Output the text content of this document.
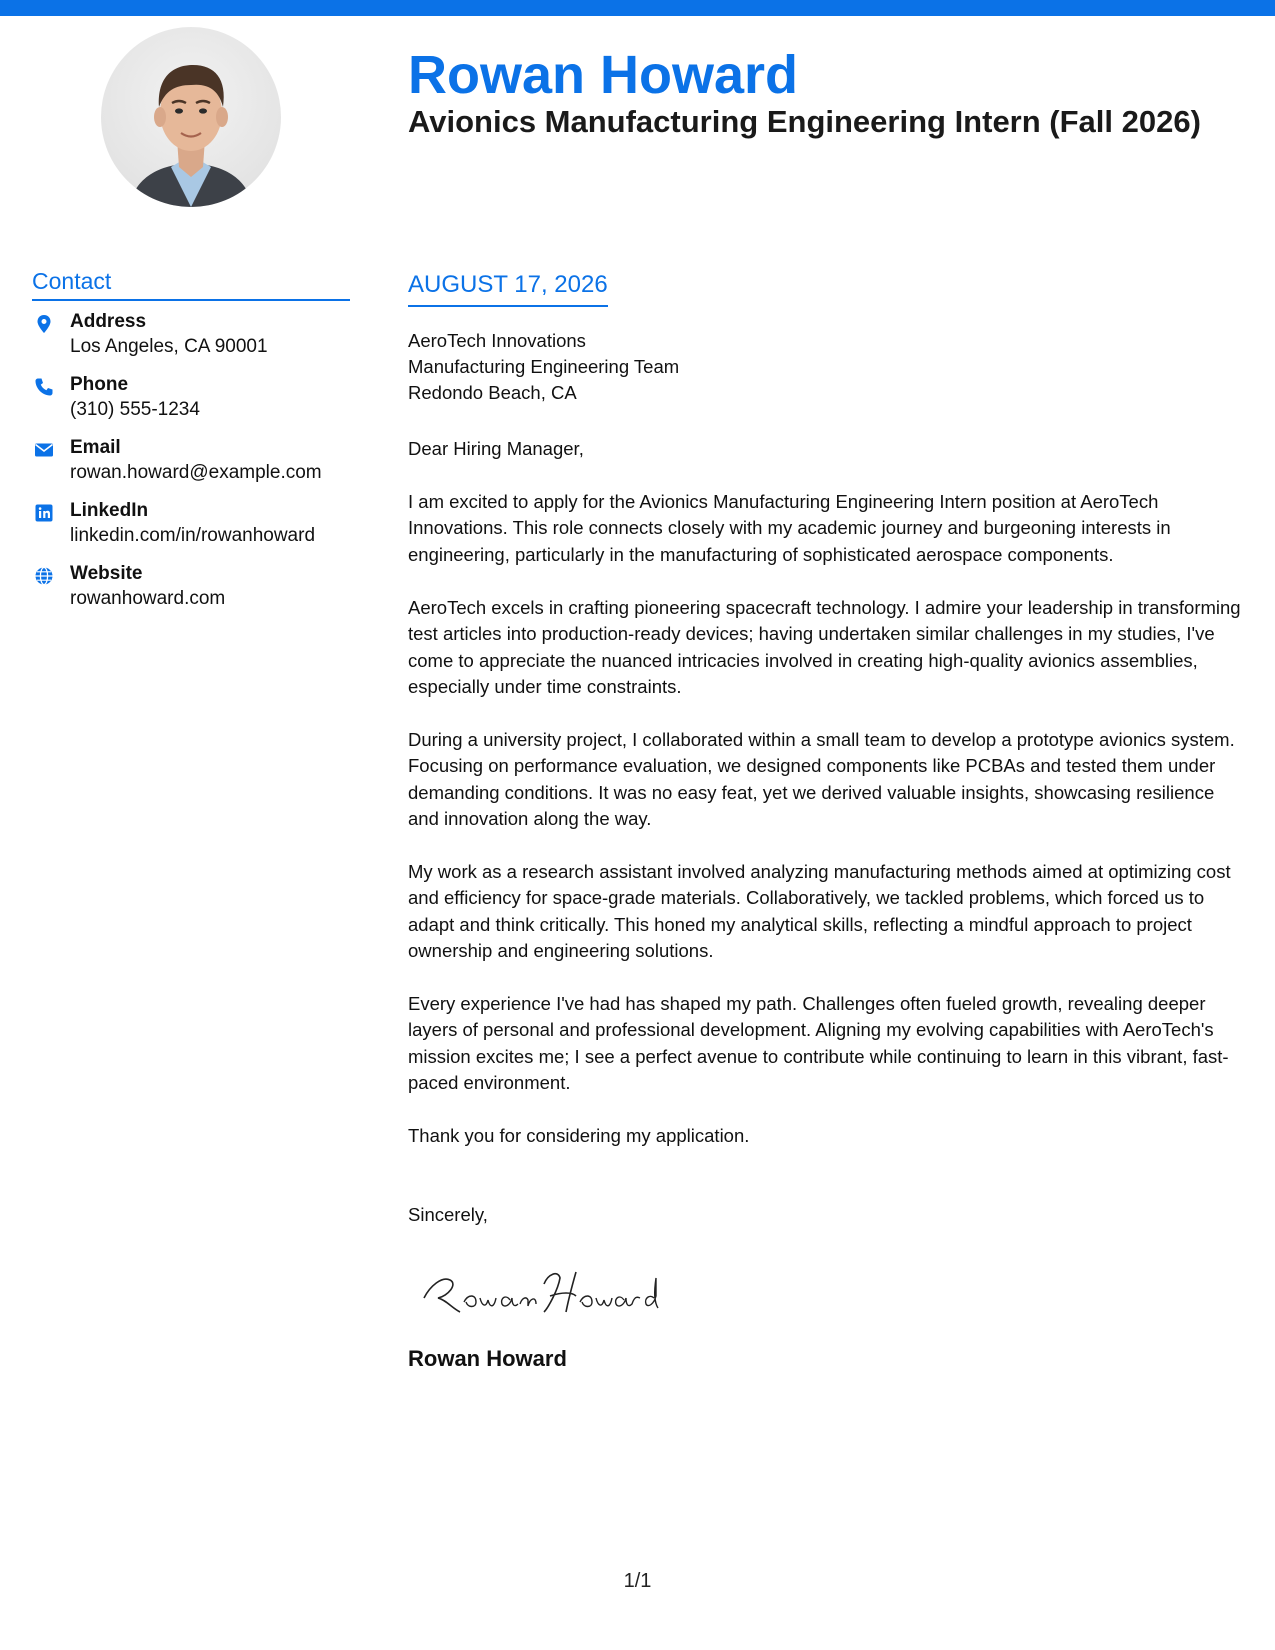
Rowan Howard
Avionics Manufacturing Engineering Intern (Fall 2026)
Contact
Address
Los Angeles, CA 90001
Phone
(310) 555-1234
Email
rowan.howard@example.com
LinkedIn
linkedin.com/in/rowanhoward
Website
rowanhoward.com
AUGUST 17, 2026
AeroTech Innovations
Manufacturing Engineering Team
Redondo Beach, CA

Dear Hiring Manager,

I am excited to apply for the Avionics Manufacturing Engineering Intern position at AeroTech Innovations. This role connects closely with my academic journey and burgeoning interests in engineering, particularly in the manufacturing of sophisticated aerospace components.

AeroTech excels in crafting pioneering spacecraft technology. I admire your leadership in transforming test articles into production-ready devices; having undertaken similar challenges in my studies, I've come to appreciate the nuanced intricacies involved in creating high-quality avionics assemblies, especially under time constraints.

During a university project, I collaborated within a small team to develop a prototype avionics system. Focusing on performance evaluation, we designed components like PCBAs and tested them under demanding conditions. It was no easy feat, yet we derived valuable insights, showcasing resilience and innovation along the way.

My work as a research assistant involved analyzing manufacturing methods aimed at optimizing cost and efficiency for space-grade materials. Collaboratively, we tackled problems, which forced us to adapt and think critically. This honed my analytical skills, reflecting a mindful approach to project ownership and engineering solutions.

Every experience I've had has shaped my path. Challenges often fueled growth, revealing deeper layers of personal and professional development. Aligning my evolving capabilities with AeroTech's mission excites me; I see a perfect avenue to contribute while continuing to learn in this vibrant, fast-paced environment.

Thank you for considering my application.

Sincerely,

Rowan Howard
1/1
